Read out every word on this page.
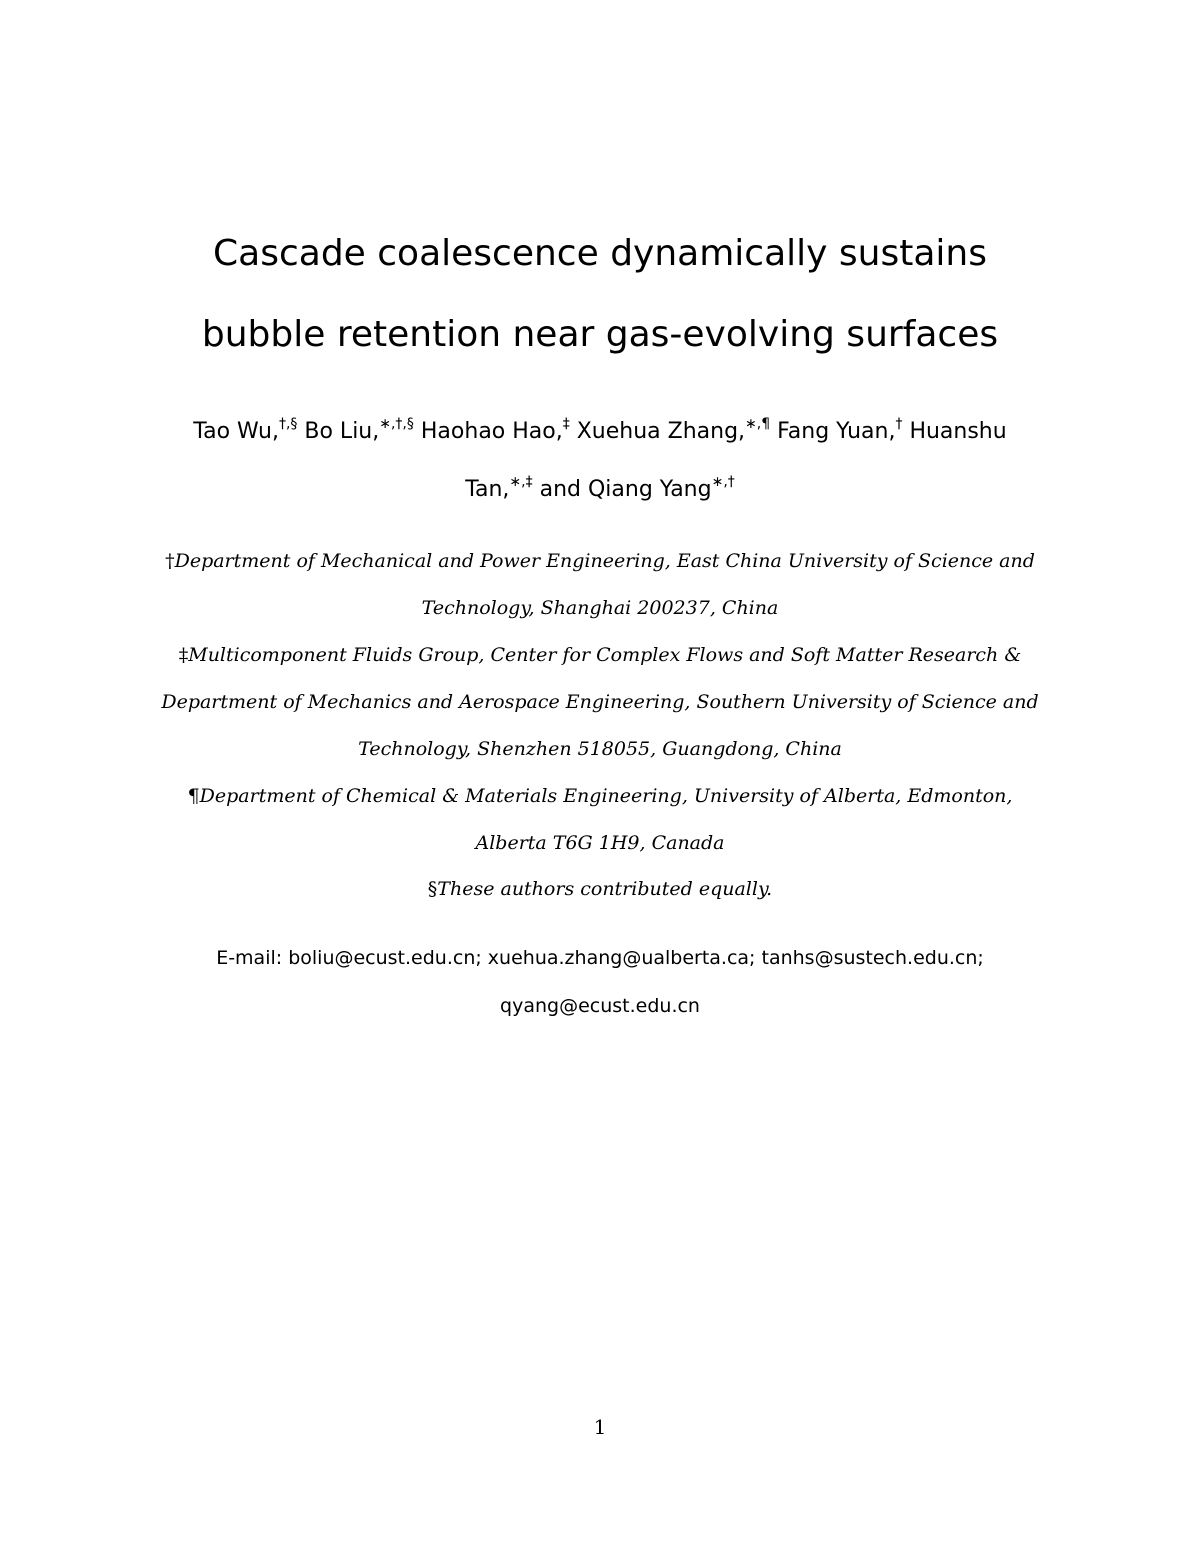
Cascade coalescence dynamically sustains
bubble retention near gas-evolving surfaces
Tao Wu,†,§ Bo Liu,∗,†,§ Haohao Hao,‡ Xuehua Zhang,∗,¶ Fang Yuan,† Huanshu
Tan,∗,‡ and Qiang Yang∗,†
†Department of Mechanical and Power Engineering, East China University of Science and
Technology, Shanghai 200237, China
‡Multicomponent Fluids Group, Center for Complex Flows and Soft Matter Research &
Department of Mechanics and Aerospace Engineering, Southern University of Science and
Technology, Shenzhen 518055, Guangdong, China
¶Department of Chemical & Materials Engineering, University of Alberta, Edmonton,
Alberta T6G 1H9, Canada
§These authors contributed equally.
E-mail: boliu@ecust.edu.cn; xuehua.zhang@ualberta.ca; tanhs@sustech.edu.cn;
qyang@ecust.edu.cn
1
